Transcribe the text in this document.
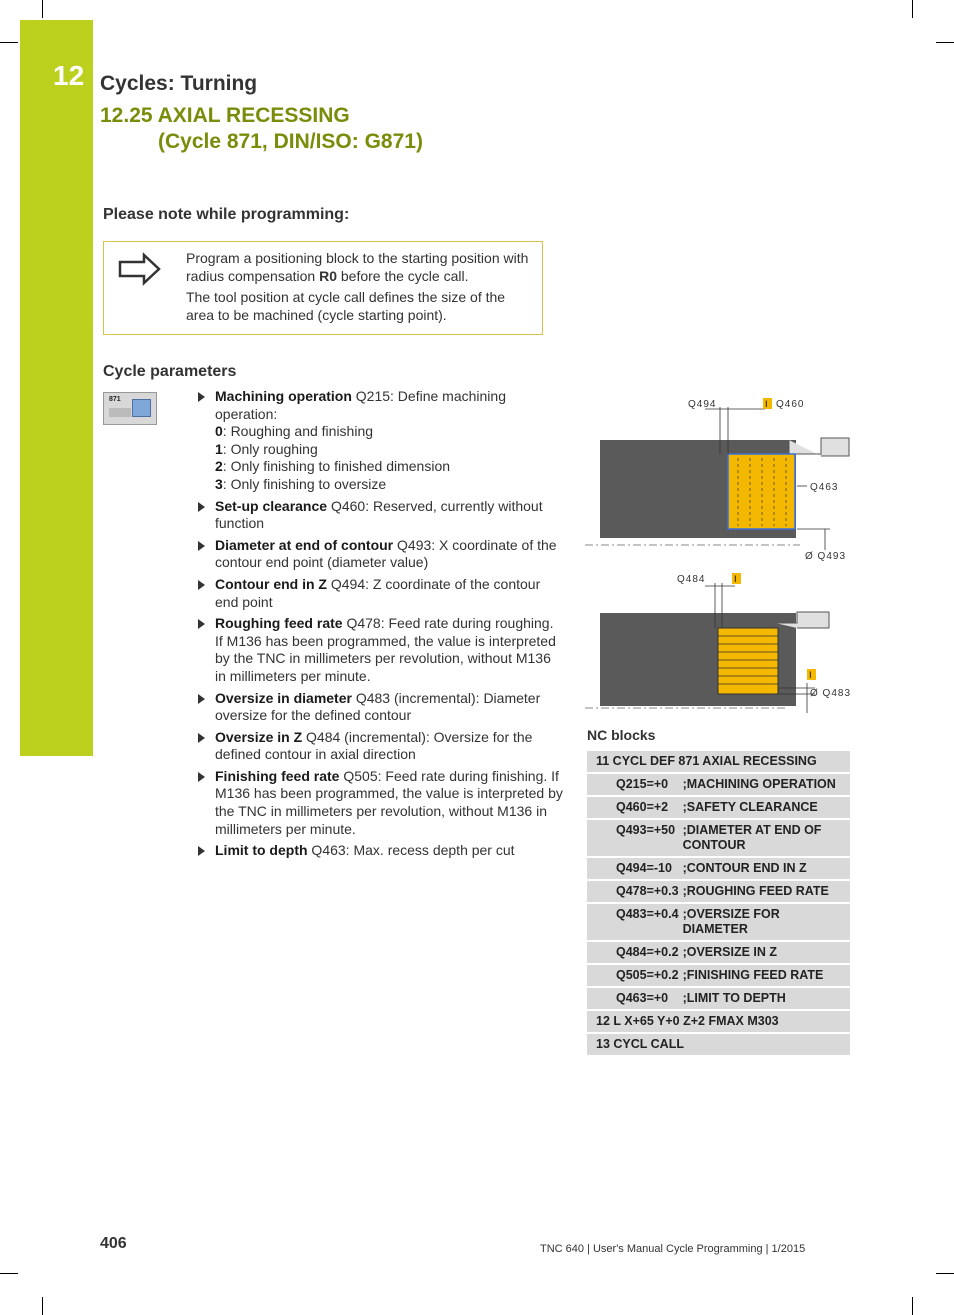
12 Cycles: Turning
12.25 AXIAL RECESSING
(Cycle 871, DIN/ISO: G871)
Please note while programming:

Program a positioning block to the starting position with radius compensation R0 before the cycle call.

The tool position at cycle call defines the size of the area to be machined (cycle starting point).

Cycle parameters
871	Machining operation Q215: Define machining operation:
0: Roughing and finishing
1: Only roughing
2: Only finishing to finished dimension
3: Only finishing to oversize
Set-up clearance Q460: Reserved, currently without function
Diameter at end of contour Q493: X coordinate of the contour end point (diameter value)
Contour end in Z Q494: Z coordinate of the contour end point
Roughing feed rate Q478: Feed rate during roughing. If M136 has been programmed, the value is interpreted by the TNC in millimeters per revolution, without M136 in millimeters per minute.
Oversize in diameter Q483 (incremental): Diameter oversize for the defined contour
Oversize in Z Q484 (incremental): Oversize for the defined contour in axial direction
Finishing feed rate Q505: Feed rate during finishing. If M136 has been programmed, the value is interpreted by the TNC in millimeters per revolution, without M136 in millimeters per minute.
Limit to depth Q463: Max. recess depth per cut
I
Q494	Q460
Q463
Ø Q493
I
I
Q484
Ø Q483
NC blocks
11 CYCL DEF 871 AXIAL RECESSING	
Q215=+0	;MACHINING OPERATION
Q460=+2	;SAFETY CLEARANCE
Q493=+50	;DIAMETER AT END OF CONTOUR
Q494=-10	;CONTOUR END IN Z
Q478=+0.3	;ROUGHING FEED RATE
Q483=+0.4	;OVERSIZE FOR DIAMETER
Q484=+0.2	;OVERSIZE IN Z
Q505=+0.2	;FINISHING FEED RATE
Q463=+0	;LIMIT TO DEPTH
12 L X+65 Y+0 Z+2 FMAX M303	
13 CYCL CALL	
406	TNC 640 | User's Manual Cycle Programming | 1/2015
